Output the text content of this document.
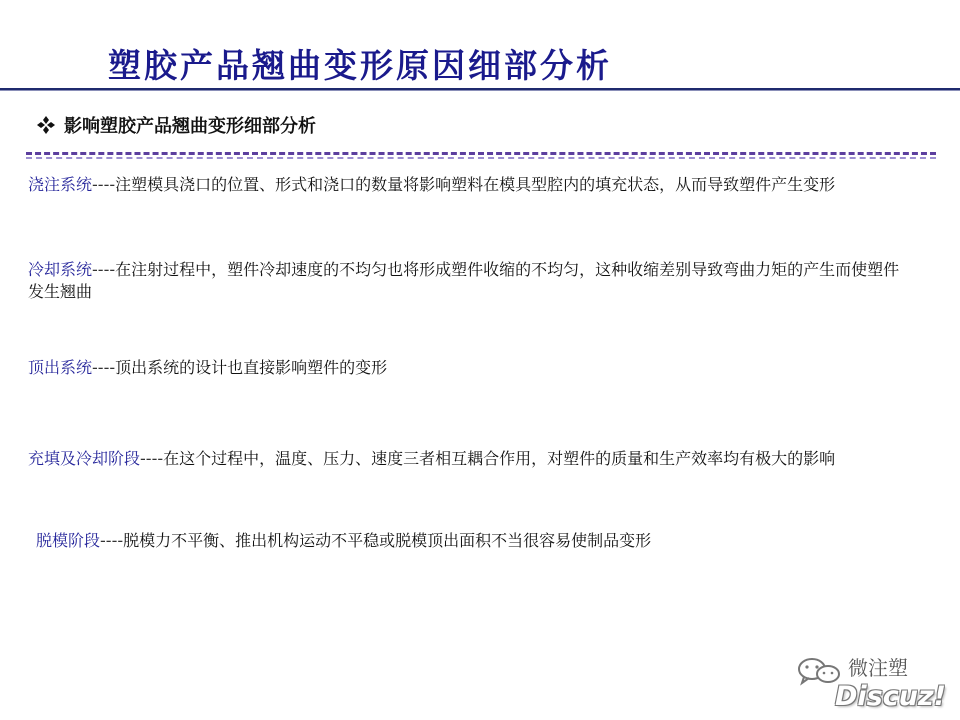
塑胶产品翘曲变形原因细部分析
影响塑胶产品翘曲变形细部分析
浇注系统----注塑模具浇口的位置、形式和浇口的数量将影响塑料在模具型腔内的填充状态，从而导致塑件产生变形
冷却系统----在注射过程中，塑件冷却速度的不均匀也将形成塑件收缩的不均匀，这种收缩差别导致弯曲力矩的产生而使塑件发生翘曲
顶出系统----顶出系统的设计也直接影响塑件的变形
充填及冷却阶段----在这个过程中，温度、压力、速度三者相互耦合作用，对塑件的质量和生产效率均有极大的影响
脱模阶段----脱模力不平衡、推出机构运动不平稳或脱模顶出面积不当很容易使制品变形
微注塑
Discuz!
